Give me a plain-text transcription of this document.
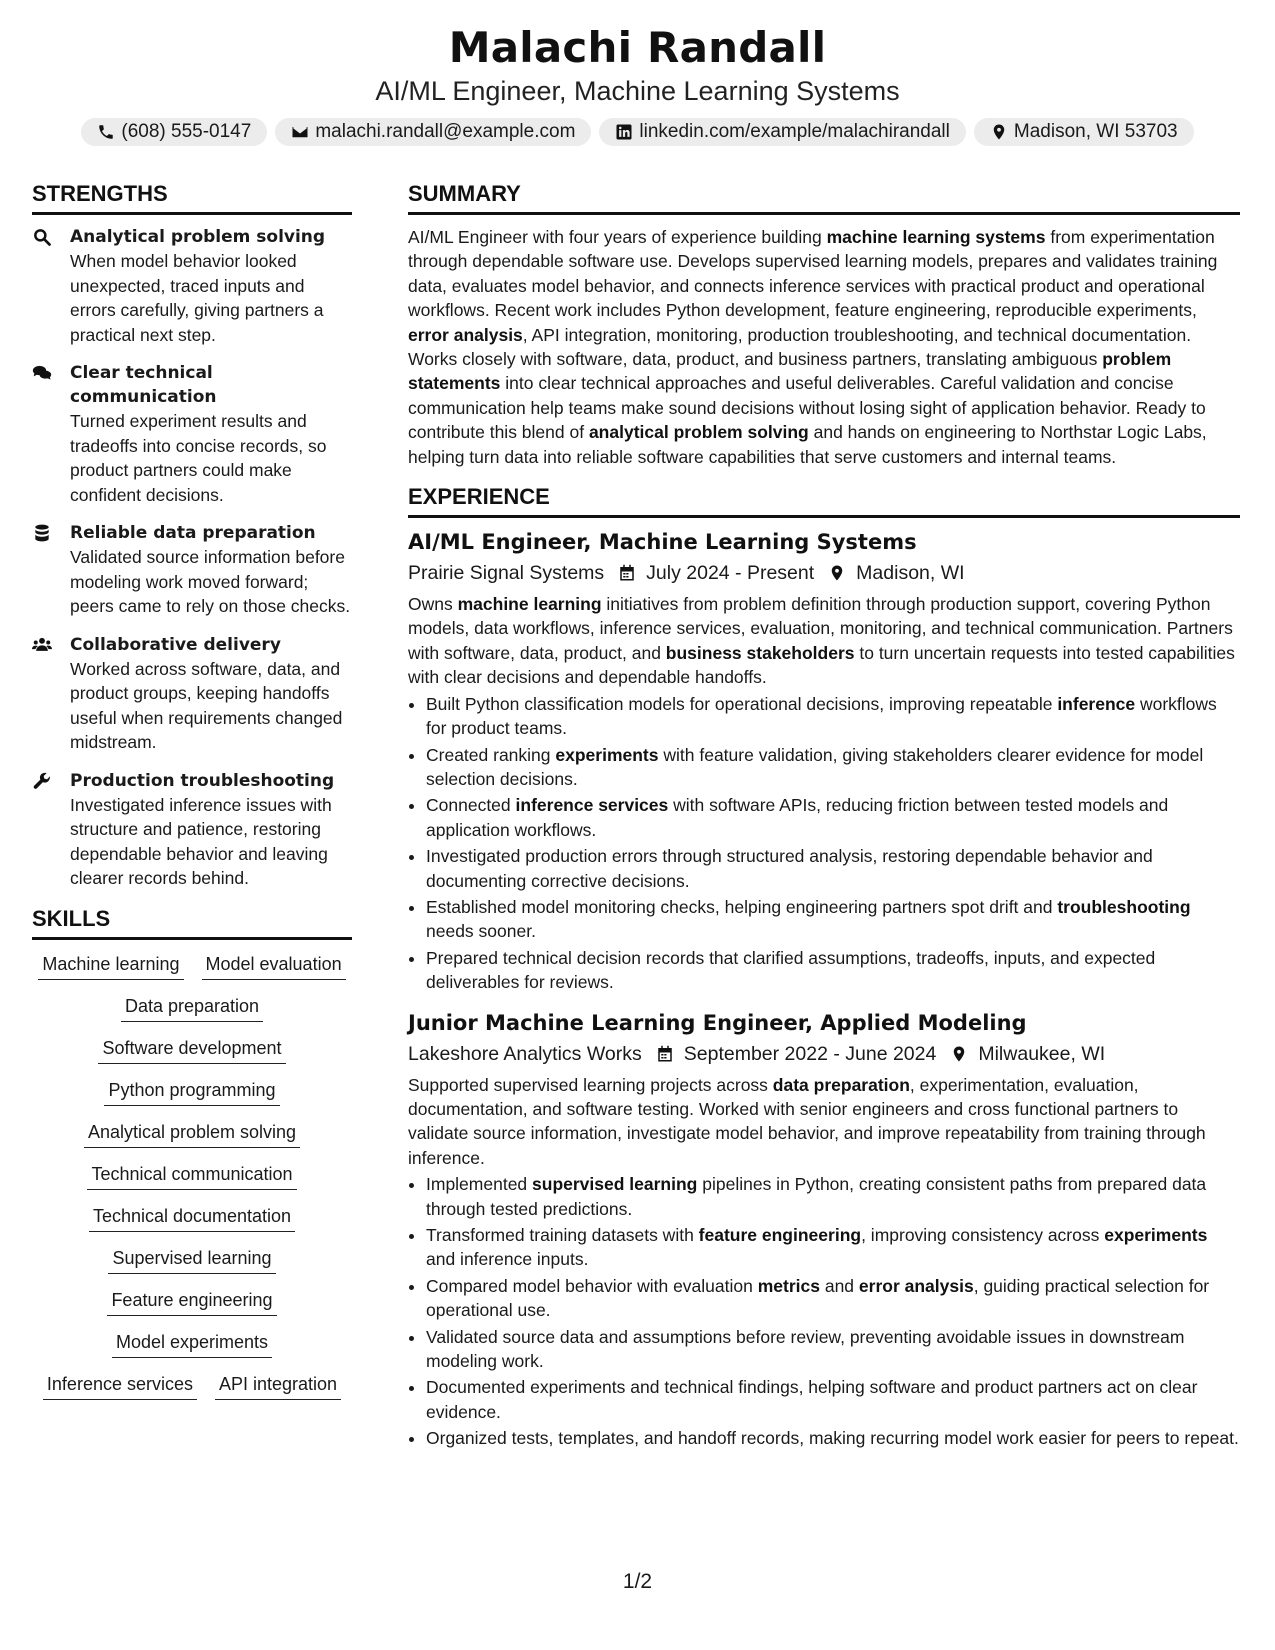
Malachi Randall
AI/ML Engineer, Machine Learning Systems
(608) 555-0147	malachi.randall@example.com	linkedin.com/example/malachirandall	Madison, WI 53703
STRENGTHS
Analytical problem solving
When model behavior looked unexpected, traced inputs and errors carefully, giving partners a practical next step.
Clear technical communication
Turned experiment results and tradeoffs into concise records, so product partners could make confident decisions.
Reliable data preparation
Validated source information before modeling work moved forward; peers came to rely on those checks.
Collaborative delivery
Worked across software, data, and product groups, keeping handoffs useful when requirements changed midstream.
Production troubleshooting
Investigated inference issues with structure and patience, restoring dependable behavior and leaving clearer records behind.
SKILLS
Machine learning Model evaluation
Data preparation
Software development
Python programming
Analytical problem solving
Technical communication
Technical documentation
Supervised learning
Feature engineering
Model experiments
Inference services API integration
SUMMARY
AI/ML Engineer with four years of experience building machine learning systems from experimentation through dependable software use. Develops supervised learning models, prepares and validates training data, evaluates model behavior, and connects inference services with practical product and operational workflows. Recent work includes Python development, feature engineering, reproducible experiments, error analysis, API integration, monitoring, production troubleshooting, and technical documentation. Works closely with software, data, product, and business partners, translating ambiguous problem statements into clear technical approaches and useful deliverables. Careful validation and concise communication help teams make sound decisions without losing sight of application behavior. Ready to contribute this blend of analytical problem solving and hands on engineering to Northstar Logic Labs, helping turn data into reliable software capabilities that serve customers and internal teams.
EXPERIENCE
AI/ML Engineer, Machine Learning Systems
Prairie Signal Systems July 2024 - Present Madison, WI
Owns machine learning initiatives from problem definition through production support, covering Python models, data workflows, inference services, evaluation, monitoring, and technical communication. Partners with software, data, product, and business stakeholders to turn uncertain requests into tested capabilities with clear decisions and dependable handoffs.
• Built Python classification models for operational decisions, improving repeatable inference workflows for product teams.
• Created ranking experiments with feature validation, giving stakeholders clearer evidence for model selection decisions.
• Connected inference services with software APIs, reducing friction between tested models and application workflows.
• Investigated production errors through structured analysis, restoring dependable behavior and documenting corrective decisions.
• Established model monitoring checks, helping engineering partners spot drift and troubleshooting needs sooner.
• Prepared technical decision records that clarified assumptions, tradeoffs, inputs, and expected deliverables for reviews.
Junior Machine Learning Engineer, Applied Modeling
Lakeshore Analytics Works September 2022 - June 2024 Milwaukee, WI
Supported supervised learning projects across data preparation, experimentation, evaluation, documentation, and software testing. Worked with senior engineers and cross functional partners to validate source information, investigate model behavior, and improve repeatability from training through inference.
• Implemented supervised learning pipelines in Python, creating consistent paths from prepared data through tested predictions.
• Transformed training datasets with feature engineering, improving consistency across experiments and inference inputs.
• Compared model behavior with evaluation metrics and error analysis, guiding practical selection for operational use.
• Validated source data and assumptions before review, preventing avoidable issues in downstream modeling work.
• Documented experiments and technical findings, helping software and product partners act on clear evidence.
• Organized tests, templates, and handoff records, making recurring model work easier for peers to repeat.
1/2
